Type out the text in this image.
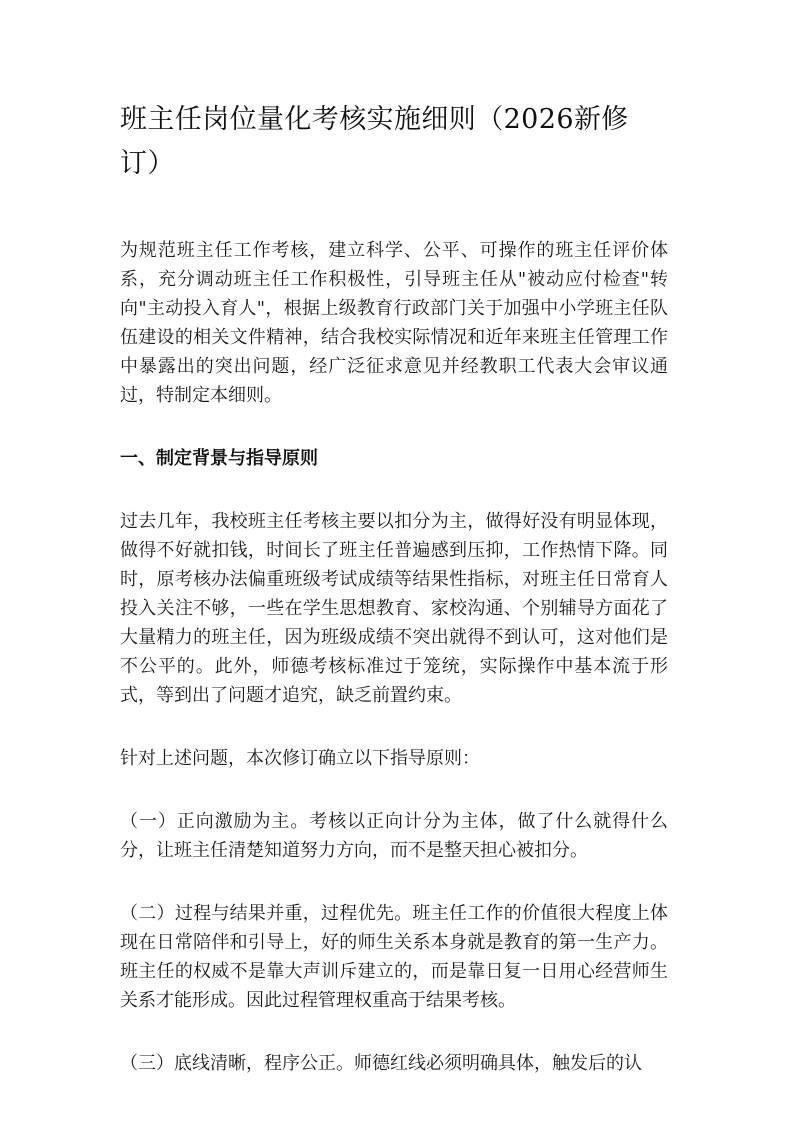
班主任岗位量化考核实施细则（2026新修订）

为规范班主任工作考核，建立科学、公平、可操作的班主任评价体系，充分调动班主任工作积极性，引导班主任从"被动应付检查"转向"主动投入育人"，根据上级教育行政部门关于加强中小学班主任队伍建设的相关文件精神，结合我校实际情况和近年来班主任管理工作中暴露出的突出问题，经广泛征求意见并经教职工代表大会审议通过，特制定本细则。

一、制定背景与指导原则

过去几年，我校班主任考核主要以扣分为主，做得好没有明显体现，做得不好就扣钱，时间长了班主任普遍感到压抑，工作热情下降。同时，原考核办法偏重班级考试成绩等结果性指标，对班主任日常育人投入关注不够，一些在学生思想教育、家校沟通、个别辅导方面花了大量精力的班主任，因为班级成绩不突出就得不到认可，这对他们是不公平的。此外，师德考核标准过于笼统，实际操作中基本流于形式，等到出了问题才追究，缺乏前置约束。

针对上述问题，本次修订确立以下指导原则：

（一）正向激励为主。考核以正向计分为主体，做了什么就得什么分，让班主任清楚知道努力方向，而不是整天担心被扣分。

（二）过程与结果并重，过程优先。班主任工作的价值很大程度上体现在日常陪伴和引导上，好的师生关系本身就是教育的第一生产力。班主任的权威不是靠大声训斥建立的，而是靠日复一日用心经营师生关系才能形成。因此过程管理权重高于结果考核。

（三）底线清晰，程序公正。师德红线必须明确具体，触发后的认
